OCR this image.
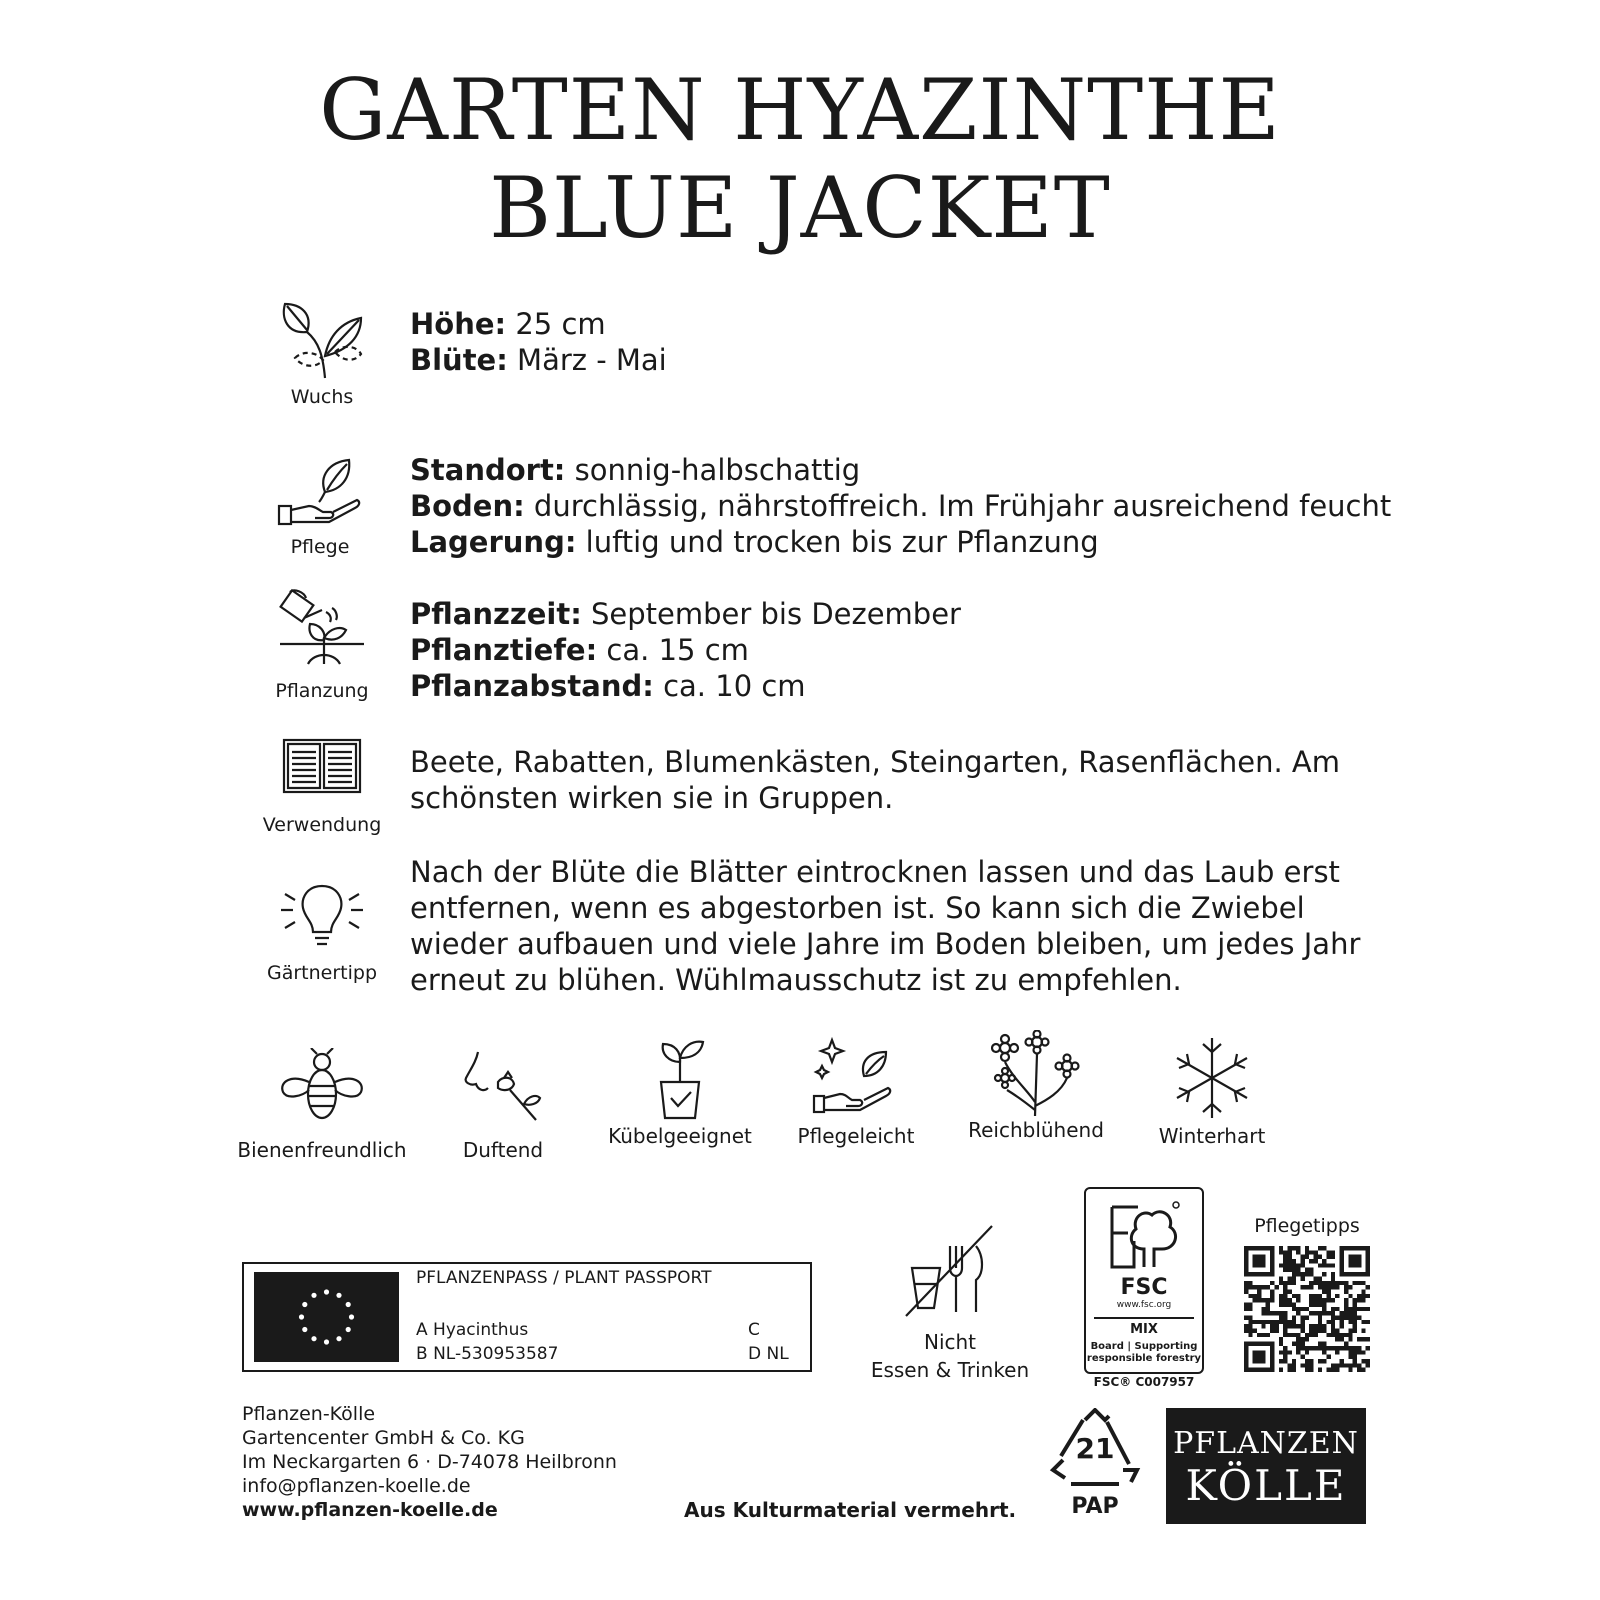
GARTEN HYAZINTHE
BLUE JACKET
Wuchs
Höhe: 25 cm
Blüte: März - Mai
Pflege
Standort: sonnig-halbschattig
Boden: durchlässig, nährstoffreich. Im Frühjahr ausreichend feucht
Lagerung: luftig und trocken bis zur Pflanzung
Pflanzung
Pflanzzeit: September bis Dezember
Pflanztiefe: ca. 15 cm
Pflanzabstand: ca. 10 cm
Verwendung
Beete, Rabatten, Blumenkästen, Steingarten, Rasenflächen. Am schönsten wirken sie in Gruppen.
Gärtnertipp
Nach der Blüte die Blätter eintrocknen lassen und das Laub erst entfernen, wenn es abgestorben ist. So kann sich die Zwiebel wieder aufbauen und viele Jahre im Boden bleiben, um jedes Jahr erneut zu blühen. Wühlmausschutz ist zu empfehlen.
Bienenfreundlich	Duftend
Kübelgeeignet	Pflegeleicht	Reichblühend	Winterhart
PFLANZENPASS / PLANT PASSPORT
A Hyacinthus
B NL-530953587
C
D NL	Nicht
Essen & Trinken
FSC
www.fsc.org
MIX
Board | Supporting
responsible forestry
FSC® C007957
Pflegetipps
Pflanzen-Kölle
Gartencenter GmbH & Co. KG
Im Neckargarten 6 · D-74078 Heilbronn
info@pflanzen-koelle.de
www.pflanzen-koelle.de	Aus Kulturmaterial vermehrt.
21
PAP
PFLANZEN
KÖLLE
